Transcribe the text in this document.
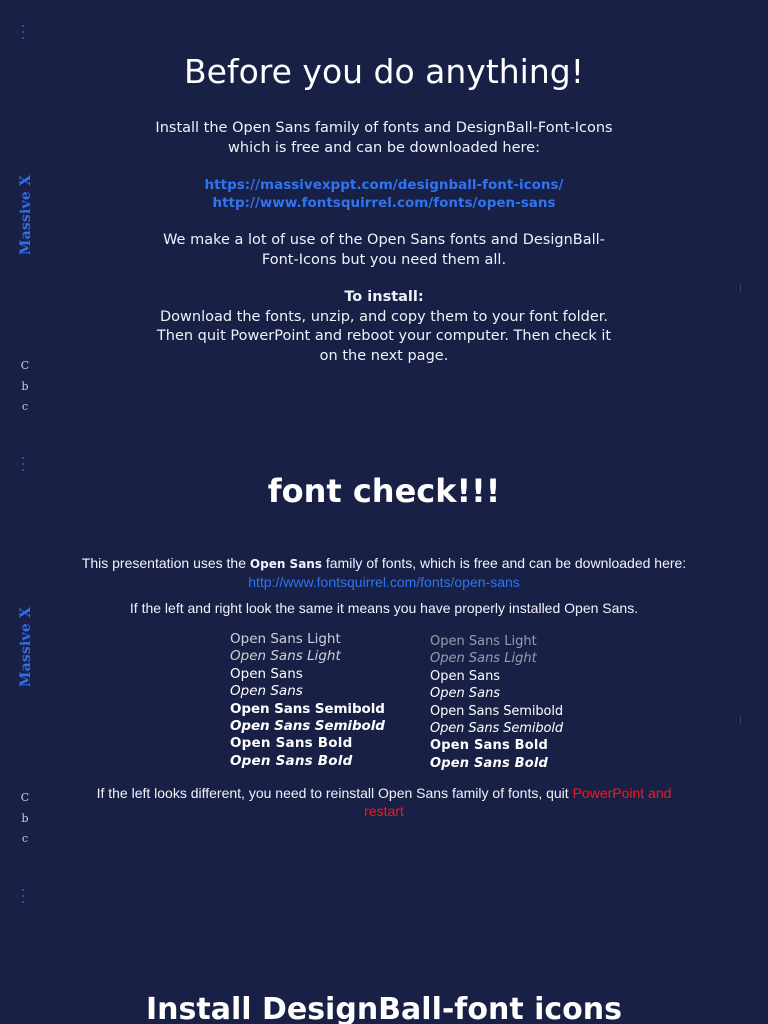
Massive X
C
b
c
Before you do anything!
Install the Open Sans family of fonts and DesignBall-Font-Icons
which is free and can be downloaded here:
https://massivexppt.com/designball-font-icons/
http://www.fontsquirrel.com/fonts/open-sans
We make a lot of use of the Open Sans fonts and DesignBall-
Font-Icons but you need them all.
To install:
Download the fonts, unzip, and copy them to your font folder.
Then quit PowerPoint and reboot your computer. Then check it
on the next page.
Massive X
C
b
c
font check!!!
This presentation uses the Open Sans family of fonts, which is free and can be downloaded here:
http://www.fontsquirrel.com/fonts/open-sans
If the left and right look the same it means you have properly installed Open Sans.
Open Sans Light
Open Sans Light
Open Sans
Open Sans
Open Sans Semibold
Open Sans Semibold
Open Sans Bold
Open Sans Bold
Open Sans Light
Open Sans Light
Open Sans
Open Sans
Open Sans Semibold
Open Sans Semibold
Open Sans Bold
Open Sans Bold
If the left looks different, you need to reinstall Open Sans family of fonts, quit PowerPoint and
restart
Install DesignBall-font icons
